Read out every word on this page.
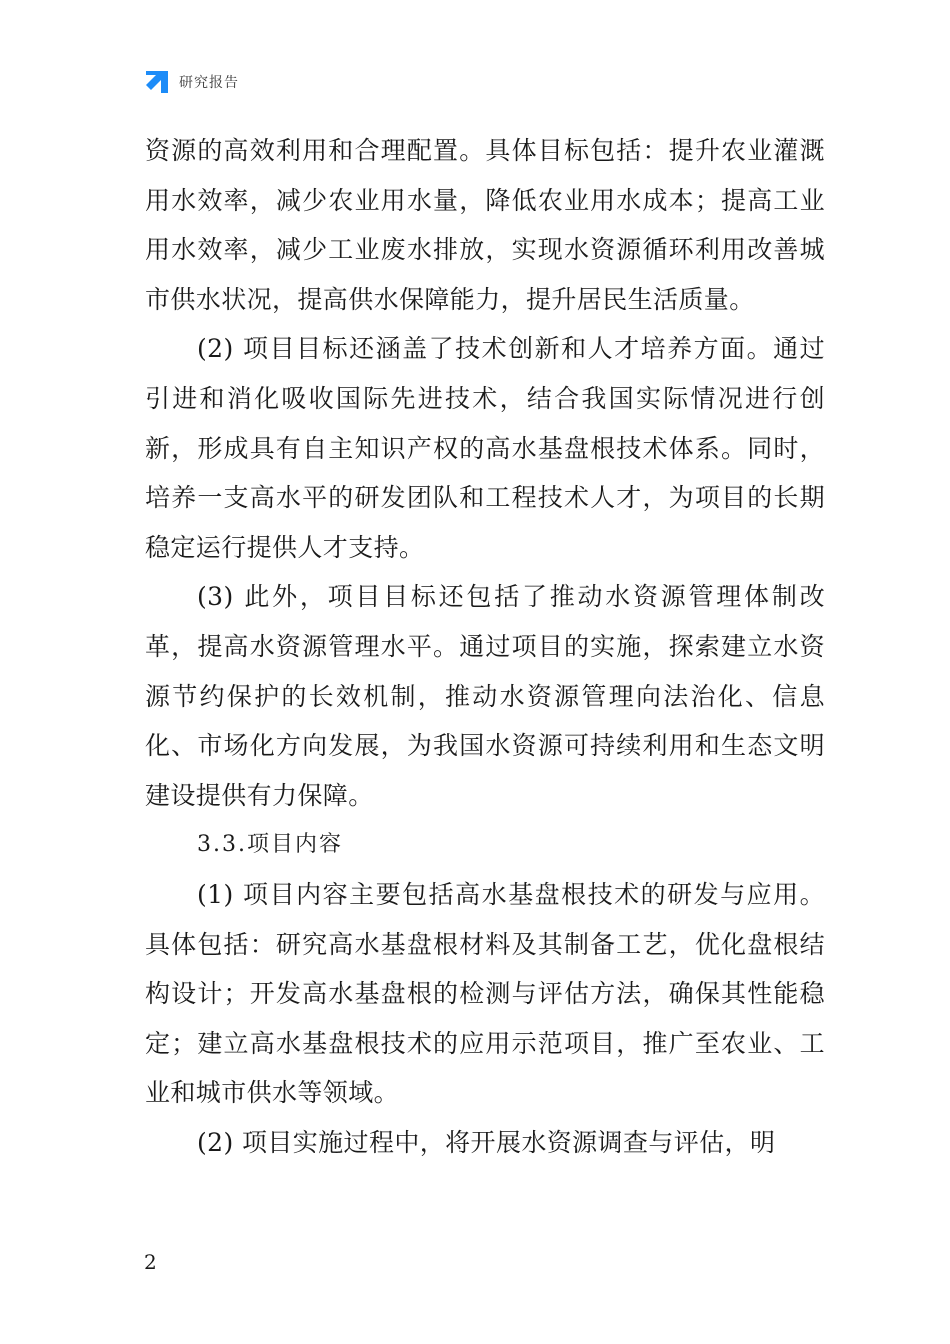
研究报告

资源的高效利用和合理配置。具体目标包括：提升农业灌溉用水效率，减少农业用水量，降低农业用水成本；提高工业用水效率，减少工业废水排放，实现水资源循环利用改善城市供水状况，提高供水保障能力，提升居民生活质量。

(2) 项目目标还涵盖了技术创新和人才培养方面。通过引进和消化吸收国际先进技术，结合我国实际情况进行创新，形成具有自主知识产权的高水基盘根技术体系。同时，培养一支高水平的研发团队和工程技术人才，为项目的长期稳定运行提供人才支持。

(3) 此外，项目目标还包括了推动水资源管理体制改革，提高水资源管理水平。通过项目的实施，探索建立水资源节约保护的长效机制，推动水资源管理向法治化、信息化、市场化方向发展，为我国水资源可持续利用和生态文明建设提供有力保障。

3.3.项目内容

(1) 项目内容主要包括高水基盘根技术的研发与应用。具体包括：研究高水基盘根材料及其制备工艺，优化盘根结构设计；开发高水基盘根的检测与评估方法，确保其性能稳定；建立高水基盘根技术的应用示范项目，推广至农业、工业和城市供水等领域。

(2) 项目实施过程中，将开展水资源调查与评估，明

2
